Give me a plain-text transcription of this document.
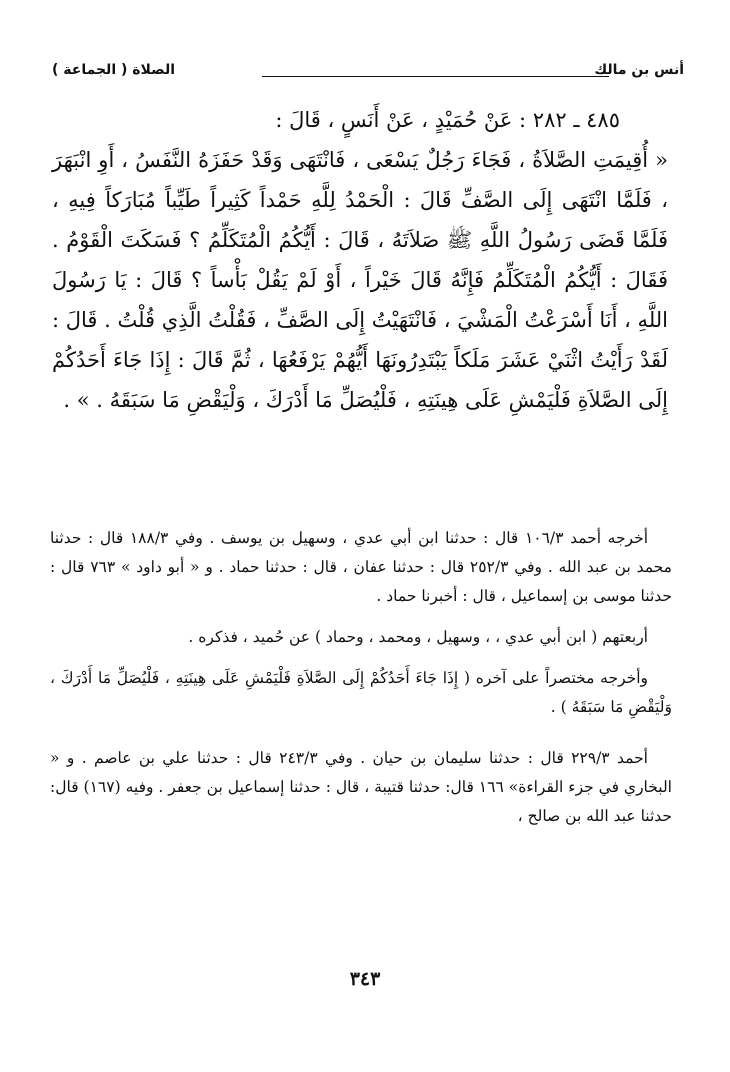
أنس بن مالك
الصلاة ( الجماعة )
٤٨٥ ـ ٢٨٢ : عَنْ حُمَيْدٍ ، عَنْ أَنَسٍ ، قَالَ :
« أُقِيمَتِ الصَّلاَةُ ، فَجَاءَ رَجُلٌ يَسْعَى ، فَانْتَهَى وَقَدْ حَفَزَهُ النَّفَسُ ، أَوِ انْبَهَرَ ، فَلَمَّا انْتَهَى إِلَى الصَّفِّ قَالَ : الْحَمْدُ لِلَّهِ حَمْداً كَثِيراً طَيِّباً مُبَارَكاً فِيهِ ، فَلَمَّا قَضَى رَسُولُ اللَّهِ ﷺ صَلاَتَهُ ، قَالَ : أَيُّكُمُ الْمُتَكَلِّمُ ؟ فَسَكَتَ الْقَوْمُ . فَقَالَ : أَيُّكُمُ الْمُتَكَلِّمُ فَإِنَّهُ قَالَ خَيْراً ، أَوْ لَمْ يَقُلْ بَأْساً ؟ قَالَ : يَا رَسُولَ اللَّهِ ، أَنَا أَسْرَعْتُ الْمَشْيَ ، فَانْتَهَيْتُ إِلَى الصَّفِّ ، فَقُلْتُ الَّذِي قُلْتُ . قَالَ : لَقَدْ رَأَيْتُ اثْنَيْ عَشَرَ مَلَكاً يَبْتَدِرُونَهَا أَيُّهُمْ يَرْفَعُهَا ، ثُمَّ قَالَ : إِذَا جَاءَ أَحَدُكُمْ إِلَى الصَّلاَةِ فَلْيَمْشِ عَلَى هِينَتِهِ ، فَلْيُصَلِّ مَا أَدْرَكَ ، وَلْيَقْضِ مَا سَبَقَهُ . » .

أخرجه أحمد ١٠٦/٣ قال : حدثنا ابن أبي عدي ، وسهيل بن يوسف . وفي ١٨٨/٣ قال : حدثنا محمد بن عبد الله . وفي ٢٥٢/٣ قال : حدثنا عفان ، قال : حدثنا حماد . و « أبو داود » ٧٦٣ قال : حدثنا موسى بن إسماعيل ، قال : أخبرنا حماد .

أربعتهم ( ابن أبي عدي ، ، وسهيل ، ومحمد ، وحماد ) عن حُميد ، فذكره .

وأخرجه مختصراً على آخره ( إِذَا جَاءَ أَحَدُكُمْ إِلَى الصَّلاَةِ فَلْيَمْشِ عَلَى هِينَتِهِ ، فَلْيُصَلِّ مَا أَدْرَكَ ، وَلْيَقْضِ مَا سَبَقَهُ ) .

أحمد ٢٢٩/٣ قال : حدثنا سليمان بن حيان . وفي ٢٤٣/٣ قال : حدثنا علي بن عاصم . و « البخاري في جزء القراءة» ١٦٦ قال: حدثنا قتيبة ، قال : حدثنا إسماعيل بن جعفر . وفيه (١٦٧) قال: حدثنا عبد الله بن صالح ،

٣٤٣
